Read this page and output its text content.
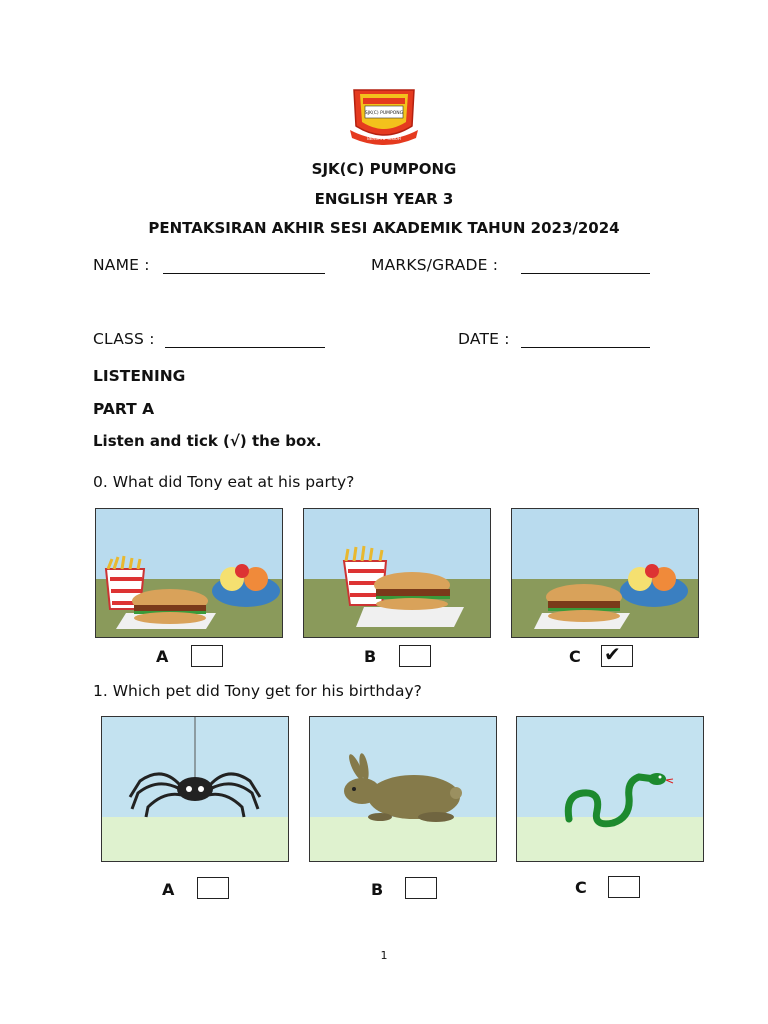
SJK(C) PUMPONG
BERSATU TEGUH
SJK(C) PUMPONG
ENGLISH YEAR 3
PENTAKSIRAN AKHIR SESI AKADEMIK TAHUN 2023/2024
NAME :	MARKS/GRADE :
CLASS :	DATE :
LISTENING
PART A
Listen and tick (√) the box.
0. What did Tony eat at his party?
A	B	C ✔
1. Which pet did Tony get for his birthday?
A	B	C
1
